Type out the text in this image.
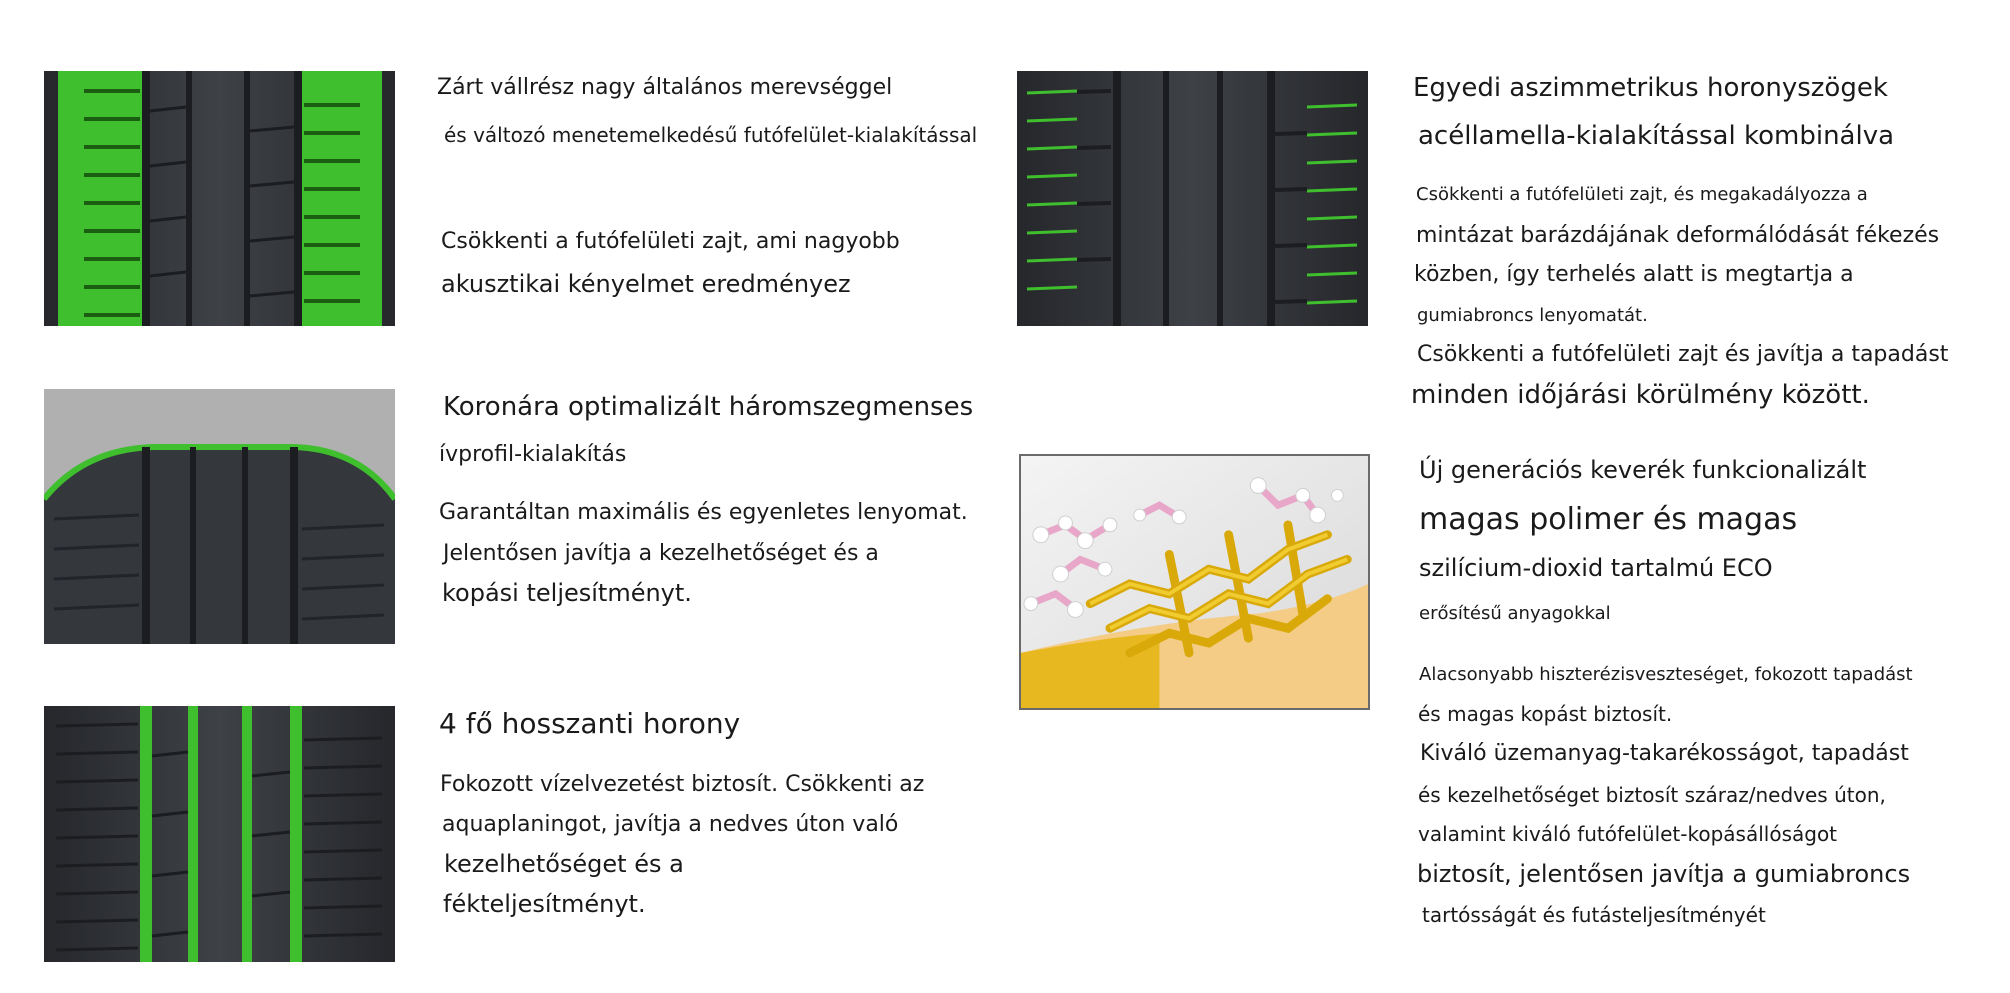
Zárt vállrész nagy általános merevséggel
és változó menetemelkedésű futófelület-kialakítással
Csökkenti a futófelületi zajt, ami nagyobb
akusztikai kényelmet eredményez
Koronára optimalizált háromszegmenses
ívprofil-kialakítás
Garantáltan maximális és egyenletes lenyomat.
Jelentősen javítja a kezelhetőséget és a
kopási teljesítményt.
4 fő hosszanti horony
Fokozott vízelvezetést biztosít. Csökkenti az
aquaplaningot, javítja a nedves úton való
kezelhetőséget és a
fékteljesítményt.
Egyedi aszimmetrikus horonyszögek
acéllamella-kialakítással kombinálva
Csökkenti a futófelületi zajt, és megakadályozza a
mintázat barázdájának deformálódását fékezés
közben, így terhelés alatt is megtartja a
gumiabroncs lenyomatát.
Csökkenti a futófelületi zajt és javítja a tapadást
minden időjárási körülmény között.
Új generációs keverék funkcionalizált
magas polimer és magas
szilícium-dioxid tartalmú ECO
erősítésű anyagokkal
Alacsonyabb hiszterézisveszteséget, fokozott tapadást
és magas kopást biztosít.
Kiváló üzemanyag-takarékosságot, tapadást
és kezelhetőséget biztosít száraz/nedves úton,
valamint kiváló futófelület-kopásállóságot
biztosít, jelentősen javítja a gumiabroncs
tartósságát és futásteljesítményét
